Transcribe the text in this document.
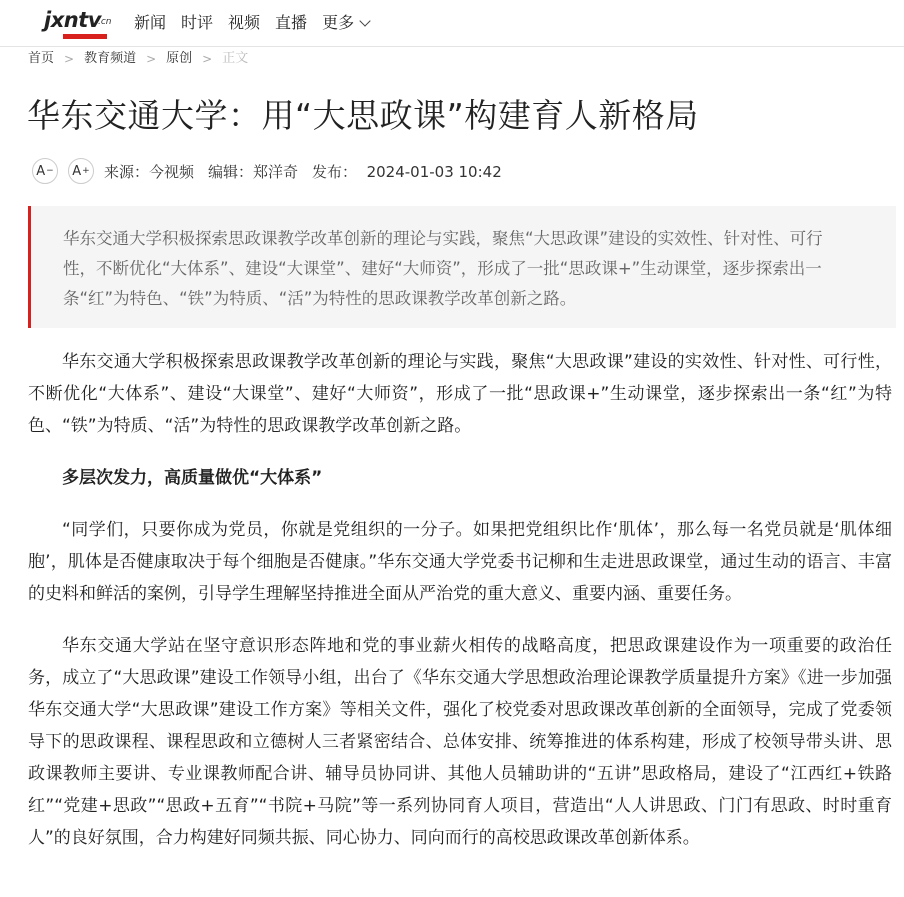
jxntv
.cn 新闻 时评 视频 直播 更多
首页 > 教育频道 > 原创 > 正文
华东交通大学：用“大思政课”构建育人新格局
A − A + 来源：今视频 编辑：郑洋奇 发布：  2024-01-03 10:42
华东交通大学积极探索思政课教学改革创新的理论与实践，聚焦“大思政课”建设的实效性、针对性、可行性，不断优化“大体系”、建设“大课堂”、建好“大师资”，形成了一批“思政课+”生动课堂，逐步探索出一条“红”为特色、“铁”为特质、“活”为特性的思政课教学改革创新之路。

华东交通大学积极探索思政课教学改革创新的理论与实践，聚焦“大思政课”建设的实效性、针对性、可行性，不断优化“大体系”、建设“大课堂”、建好“大师资”，形成了一批“思政课+”生动课堂，逐步探索出一条“红”为特色、“铁”为特质、“活”为特性的思政课教学改革创新之路。

多层次发力，高质量做优“大体系”

“同学们，只要你成为党员，你就是党组织的一分子。如果把党组织比作‘肌体’，那么每一名党员就是‘肌体细胞’，肌体是否健康取决于每个细胞是否健康。”华东交通大学党委书记柳和生走进思政课堂，通过生动的语言、丰富的史料和鲜活的案例，引导学生理解坚持推进全面从严治党的重大意义、重要内涵、重要任务。

华东交通大学站在坚守意识形态阵地和党的事业薪火相传的战略高度，把思政课建设作为一项重要的政治任务，成立了“大思政课”建设工作领导小组，出台了《华东交通大学思想政治理论课教学质量提升方案》《进一步加强华东交通大学“大思政课”建设工作方案》等相关文件，强化了校党委对思政课改革创新的全面领导，完成了党委领导下的思政课程、课程思政和立德树人三者紧密结合、总体安排、统筹推进的体系构建，形成了校领导带头讲、思政课教师主要讲、专业课教师配合讲、辅导员协同讲、其他人员辅助讲的“五讲”思政格局，建设了“江西红+铁路红”“党建+思政”“思政+五育”“书院+马院”等一系列协同育人项目，营造出“人人讲思政、门门有思政、时时重育人”的良好氛围，合力构建好同频共振、同心协力、同向而行的高校思政课改革创新体系。
